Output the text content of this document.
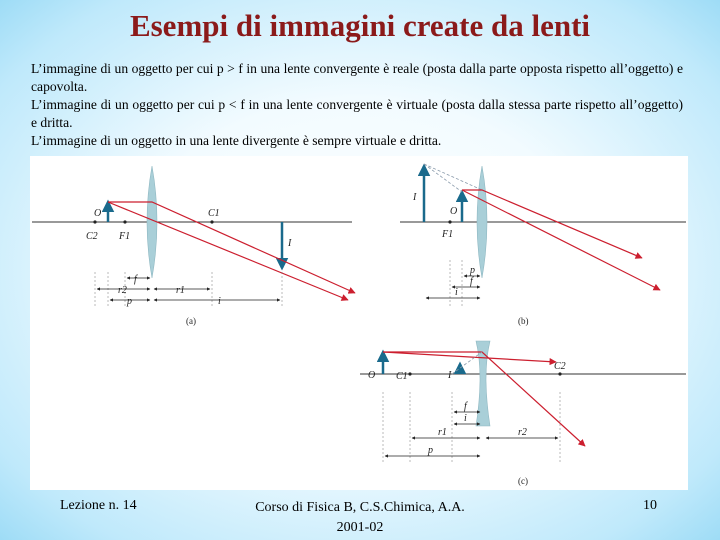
Esempi di immagini create da lenti

L’immagine di un oggetto per cui p > f in una lente convergente è reale (posta dalla parte opposta rispetto all’oggetto) e capovolta.

L’immagine di un oggetto per cui p < f in una lente convergente è virtuale (posta dalla stessa parte rispetto all’oggetto) e dritta.

L’immagine di un oggetto in una lente divergente è sempre virtuale e dritta.

O
C2 F1
C1
I
f
r2	r1
p	i
(a)
I
O
F1
p
i
f
(b)
O C1	I
C2
f
r1	r2
i
p
(c)
Lezione n. 14	Corso di Fisica B, C.S.Chimica, A.A.
2001-02
10
